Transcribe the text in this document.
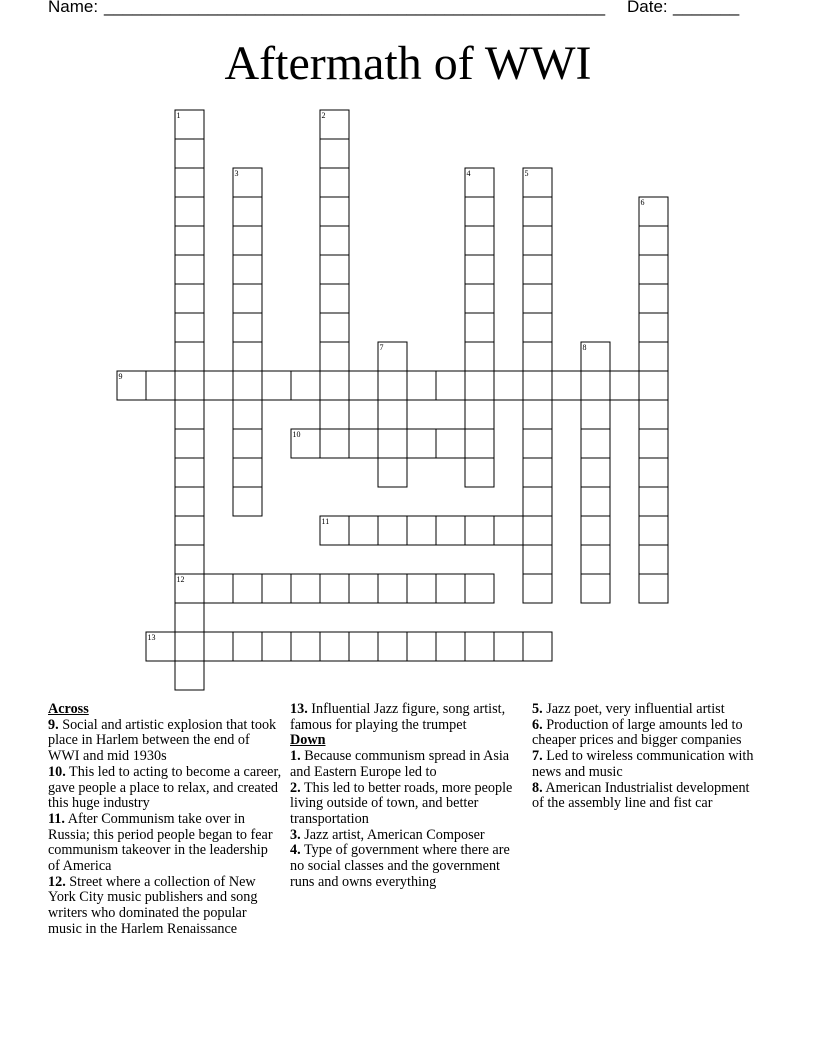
Name: _____________________________________________________ Date: _______
Aftermath of WWI
1	2
3	4	5
6
7	8
9
10
11
12
13
Across
9. Social and artistic explosion that took place in Harlem between the end of WWI and mid 1930s
10. This led to acting to become a career, gave people a place to relax, and created this huge industry
11. After Communism take over in Russia; this period people began to fear communism takeover in the leadership of America
12. Street where a collection of New York City music publishers and song writers who dominated the popular music in the Harlem Renaissance
13. Influential Jazz figure, song artist, famous for playing the trumpet
Down
1. Because communism spread in Asia and Eastern Europe led to
2. This led to better roads, more people living outside of town, and better transportation
3. Jazz artist, American Composer
4. Type of government where there are no social classes and the government runs and owns everything
5. Jazz poet, very influential artist
6. Production of large amounts led to cheaper prices and bigger companies
7. Led to wireless communication with news and music
8. American Industrialist development of the assembly line and fist car
